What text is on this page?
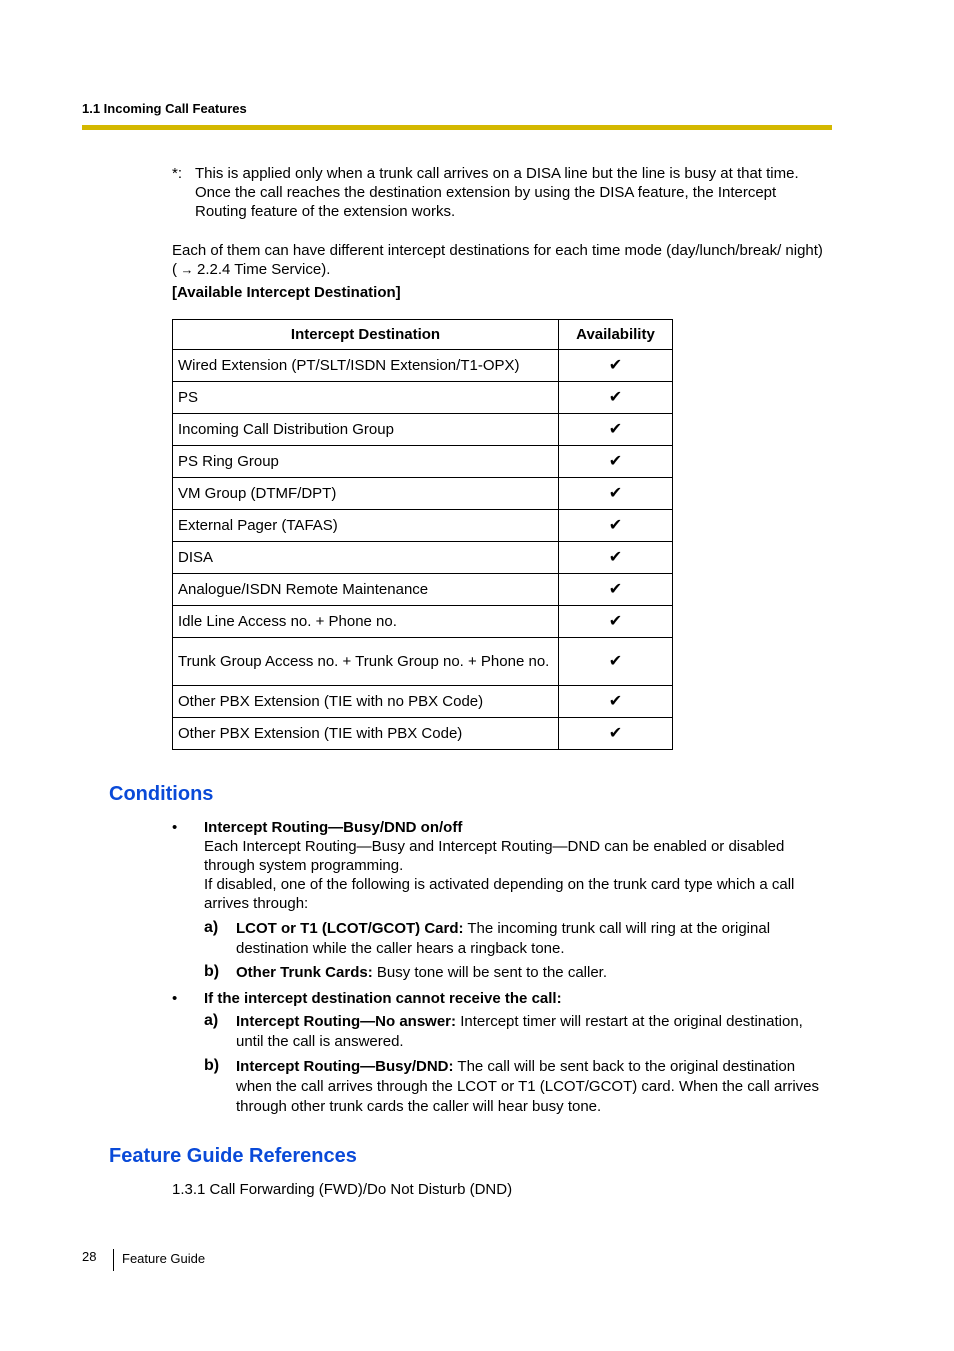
1.1 Incoming Call Features
*: This is applied only when a trunk call arrives on a DISA line but the line is busy at that time. Once the call reaches the destination extension by using the DISA feature, the Intercept Routing feature of the extension works.
Each of them can have different intercept destinations for each time mode (day/lunch/break/ night) ( → 2.2.4 Time Service).
[Available Intercept Destination]
Intercept Destination	Availability
Wired Extension (PT/SLT/ISDN Extension/T1-OPX)	✔
PS	✔
Incoming Call Distribution Group	✔
PS Ring Group	✔
VM Group (DTMF/DPT)	✔
External Pager (TAFAS)	✔
DISA	✔
Analogue/ISDN Remote Maintenance	✔
Idle Line Access no. + Phone no.	✔
Trunk Group Access no. + Trunk Group no. + Phone no.	✔
Other PBX Extension (TIE with no PBX Code)	✔
Other PBX Extension (TIE with PBX Code)	✔
Conditions
• Intercept Routing—Busy/DND on/off
Each Intercept Routing—Busy and Intercept Routing—DND can be enabled or disabled through system programming.
If disabled, one of the following is activated depending on the trunk card type which a call arrives through:
a) LCOT or T1 (LCOT/GCOT) Card: The incoming trunk call will ring at the original destination while the caller hears a ringback tone.
b) Other Trunk Cards: Busy tone will be sent to the caller.
• If the intercept destination cannot receive the call:
a) Intercept Routing—No answer: Intercept timer will restart at the original destination, until the call is answered.
b) Intercept Routing—Busy/DND: The call will be sent back to the original destination when the call arrives through the LCOT or T1 (LCOT/GCOT) card. When the call arrives through other trunk cards the caller will hear busy tone.
Feature Guide References
1.3.1 Call Forwarding (FWD)/Do Not Disturb (DND)
28 Feature Guide
